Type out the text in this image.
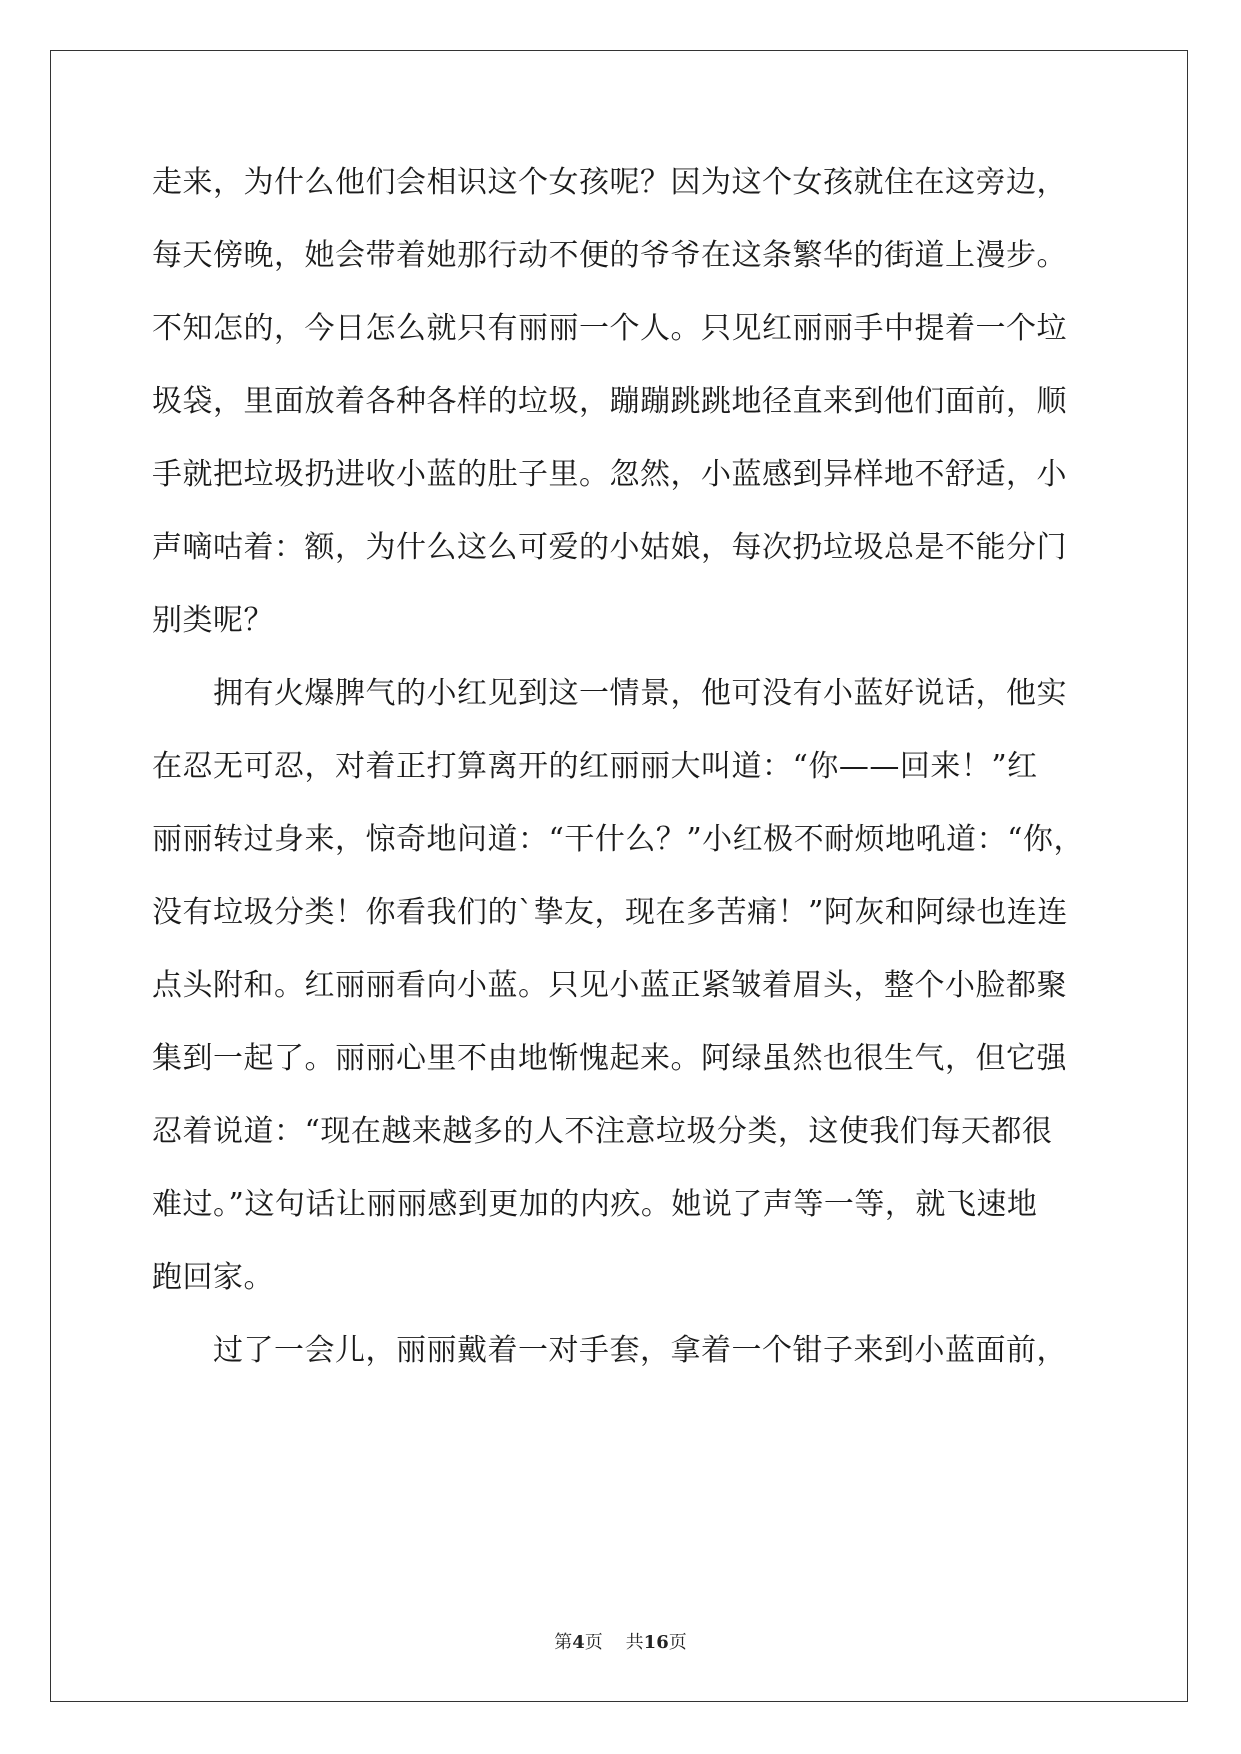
走来，为什么他们会相识这个女孩呢？因为这个女孩就住在这旁边，
每天傍晚，她会带着她那行动不便的爷爷在这条繁华的街道上漫步。
不知怎的，今日怎么就只有丽丽一个人。只见红丽丽手中提着一个垃
圾袋，里面放着各种各样的垃圾，蹦蹦跳跳地径直来到他们面前，顺
手就把垃圾扔进收小蓝的肚子里。忽然，小蓝感到异样地不舒适，小
声嘀咕着：额，为什么这么可爱的小姑娘，每次扔垃圾总是不能分门
别类呢？
　　拥有火爆脾气的小红见到这一情景，他可没有小蓝好说话，他实
在忍无可忍，对着正打算离开的红丽丽大叫道：“你——回来！”红
丽丽转过身来，惊奇地问道：“干什么？”小红极不耐烦地吼道：“你，
没有垃圾分类！你看我们的`挚友，现在多苦痛！”阿灰和阿绿也连连
点头附和。红丽丽看向小蓝。只见小蓝正紧皱着眉头，整个小脸都聚
集到一起了。丽丽心里不由地惭愧起来。阿绿虽然也很生气，但它强
忍着说道：“现在越来越多的人不注意垃圾分类，这使我们每天都很
难过。”这句话让丽丽感到更加的内疚。她说了声等一等，就飞速地
跑回家。
　　过了一会儿，丽丽戴着一对手套，拿着一个钳子来到小蓝面前，
第4页 共16页
